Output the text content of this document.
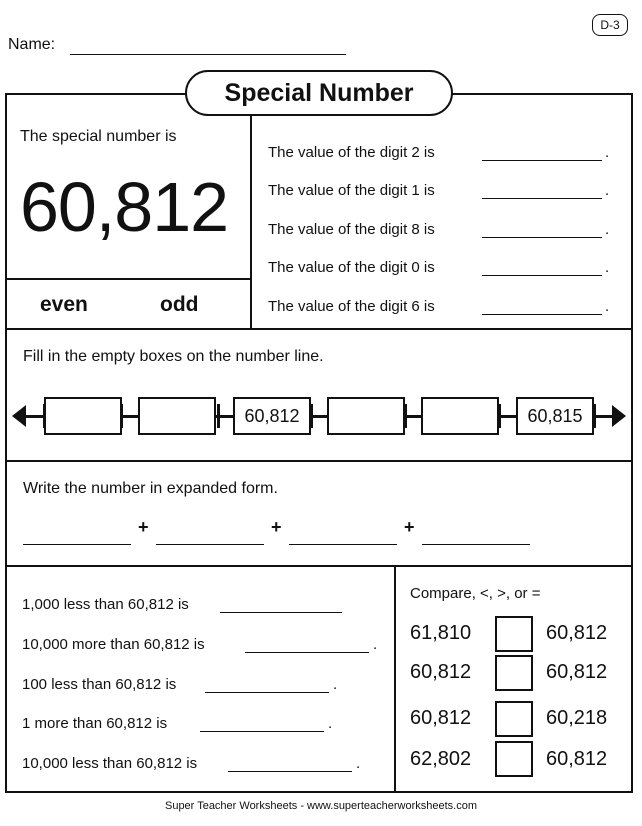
Name:
D-3
Special Number
The special number is
60,812
even	odd
The value of the digit 2 is	.
The value of the digit 1 is	.
The value of the digit 8 is	.
The value of the digit 0 is	.
The value of the digit 6 is	.
Fill in the empty boxes on the number line.
60,812	60,815
Write the number in expanded form.
+	+	+
1,000 less than 60,812 is
10,000 more than 60,812 is	.
100 less than 60,812 is	.
1 more than 60,812 is	.
10,000 less than 60,812 is	.
Compare, <, >, or =
61,810	60,812
60,812	60,812
60,812	60,218
62,802	60,812
Super Teacher Worksheets - www.superteacherworksheets.com
